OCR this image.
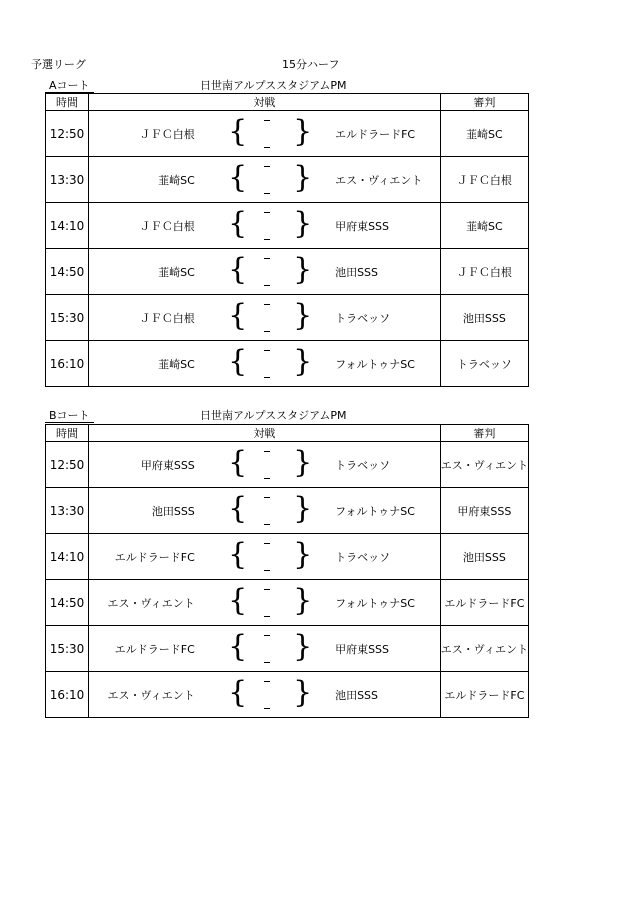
予選リーグ	15分ハーフ
Aコート	日世南アルプススタジアムPM
時間	対戦	審判
12:50	ＪＦＣ白根 { } エルドラードFC	韮崎SC
13:30	韮崎SC { } エス・ヴィエント	ＪＦＣ白根
14:10	ＪＦＣ白根 { } 甲府東SSS	韮崎SC
14:50	韮崎SC { } 池田SSS	ＪＦＣ白根
15:30	ＪＦＣ白根 { } トラベッソ	池田SSS
16:10	韮崎SC { } フォルトゥナSC	トラベッソ
Bコート	日世南アルプススタジアムPM
時間	対戦	審判
12:50	甲府東SSS { } トラベッソ	エス・ヴィエント
13:30	池田SSS { } フォルトゥナSC	甲府東SSS
14:10	エルドラードFC { } トラベッソ	池田SSS
14:50	エス・ヴィエント { } フォルトゥナSC	エルドラードFC
15:30	エルドラードFC { } 甲府東SSS	エス・ヴィエント
16:10	エス・ヴィエント { } 池田SSS	エルドラードFC
